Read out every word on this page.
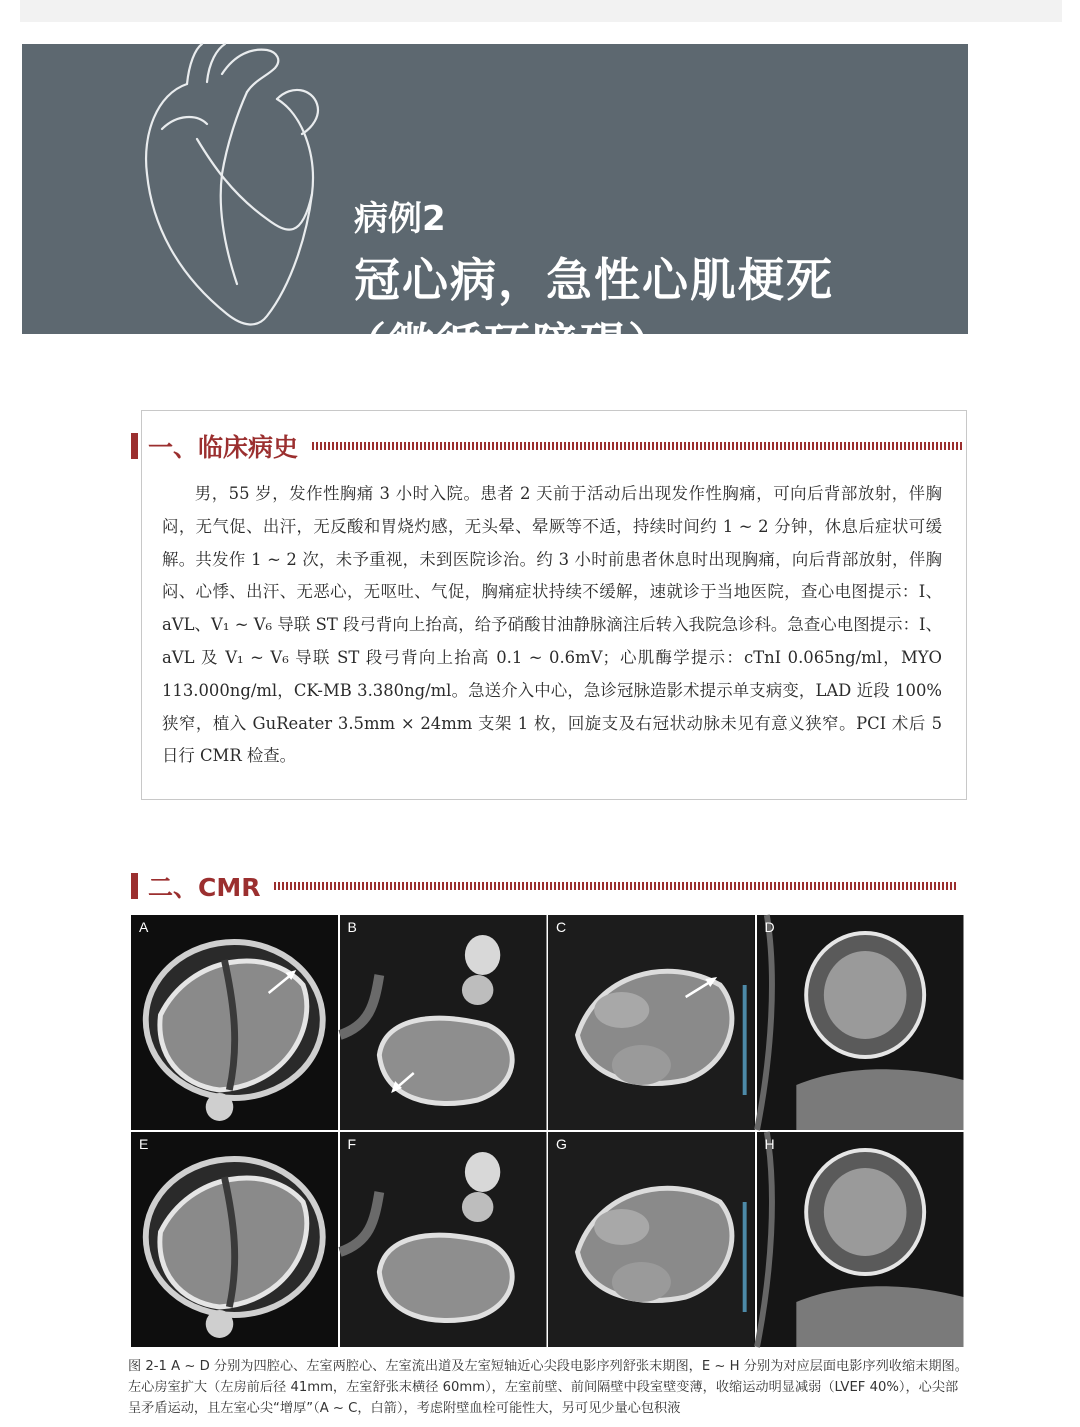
病例2
冠心病，急性心肌梗死
（微循环障碍）
一、临床病史

男，55 岁，发作性胸痛 3 小时入院。患者 2 天前于活动后出现发作性胸痛，可向后背部放射，伴胸闷，无气促、出汗，无反酸和胃烧灼感，无头晕、晕厥等不适，持续时间约 1 ~ 2 分钟，休息后症状可缓解。共发作 1 ~ 2 次，未予重视，未到医院诊治。约 3 小时前患者休息时出现胸痛，向后背部放射，伴胸闷、心悸、出汗、无恶心，无呕吐、气促，胸痛症状持续不缓解，速就诊于当地医院，查心电图提示：Ⅰ、aVL、V₁ ~ V₆ 导联 ST 段弓背向上抬高，给予硝酸甘油静脉滴注后转入我院急诊科。急查心电图提示：Ⅰ、aVL 及 V₁ ~ V₆ 导联 ST 段弓背向上抬高 0.1 ~ 0.6mV；心肌酶学提示：cTnI 0.065ng/ml，MYO 113.000ng/ml，CK-MB 3.380ng/ml。急送介入中心，急诊冠脉造影术提示单支病变，LAD 近段 100% 狭窄，植入 GuReater 3.5mm × 24mm 支架 1 枚，回旋支及右冠状动脉未见有意义狭窄。PCI 术后 5 日行 CMR 检查。

二、CMR
A	B	C	D
E	F	G	H

图 2-1 A ~ D 分别为四腔心、左室两腔心、左室流出道及左室短轴近心尖段电影序列舒张末期图，E ~ H 分别为对应层面电影序列收缩末期图。左心房室扩大（左房前后径 41mm，左室舒张末横径 60mm），左室前壁、前间隔壁中段室壁变薄，收缩运动明显减弱（LVEF 40%），心尖部呈矛盾运动，且左室心尖“增厚”（A ~ C，白箭），考虑附壁血栓可能性大，另可见少量心包积液
